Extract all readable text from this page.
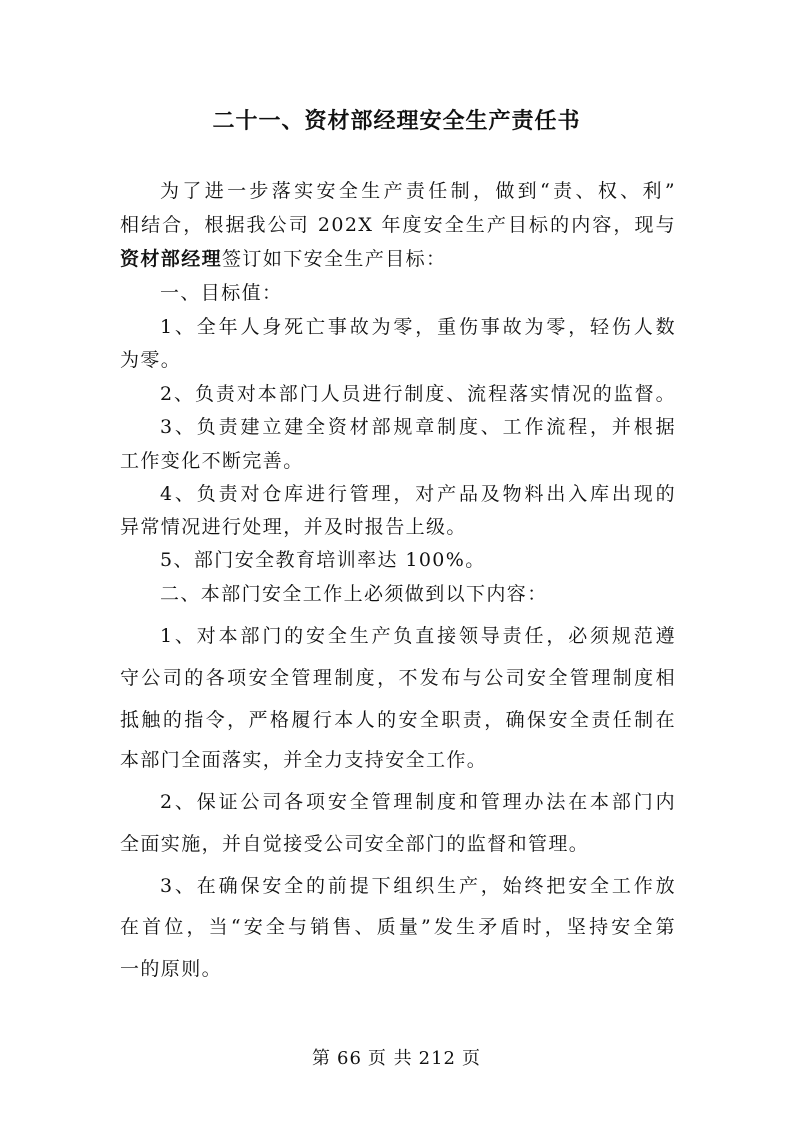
二十一、资材部经理安全生产责任书
为了进一步落实安全生产责任制，做到“责、权、利”
相结合，根据我公司 202X 年度安全生产目标的内容，现与
资材部经理签订如下安全生产目标：
一、目标值：
1、全年人身死亡事故为零，重伤事故为零，轻伤人数
为零。
2、负责对本部门人员进行制度、流程落实情况的监督。
3、负责建立建全资材部规章制度、工作流程，并根据
工作变化不断完善。
4、负责对仓库进行管理，对产品及物料出入库出现的
异常情况进行处理，并及时报告上级。
5、部门安全教育培训率达 100%。
二、本部门安全工作上必须做到以下内容：
1、对本部门的安全生产负直接领导责任，必须规范遵
守公司的各项安全管理制度，不发布与公司安全管理制度相
抵触的指令，严格履行本人的安全职责，确保安全责任制在
本部门全面落实，并全力支持安全工作。
2、保证公司各项安全管理制度和管理办法在本部门内
全面实施，并自觉接受公司安全部门的监督和管理。
3、在确保安全的前提下组织生产，始终把安全工作放
在首位，当“安全与销售、质量”发生矛盾时，坚持安全第
一的原则。
第 66 页 共 212 页
